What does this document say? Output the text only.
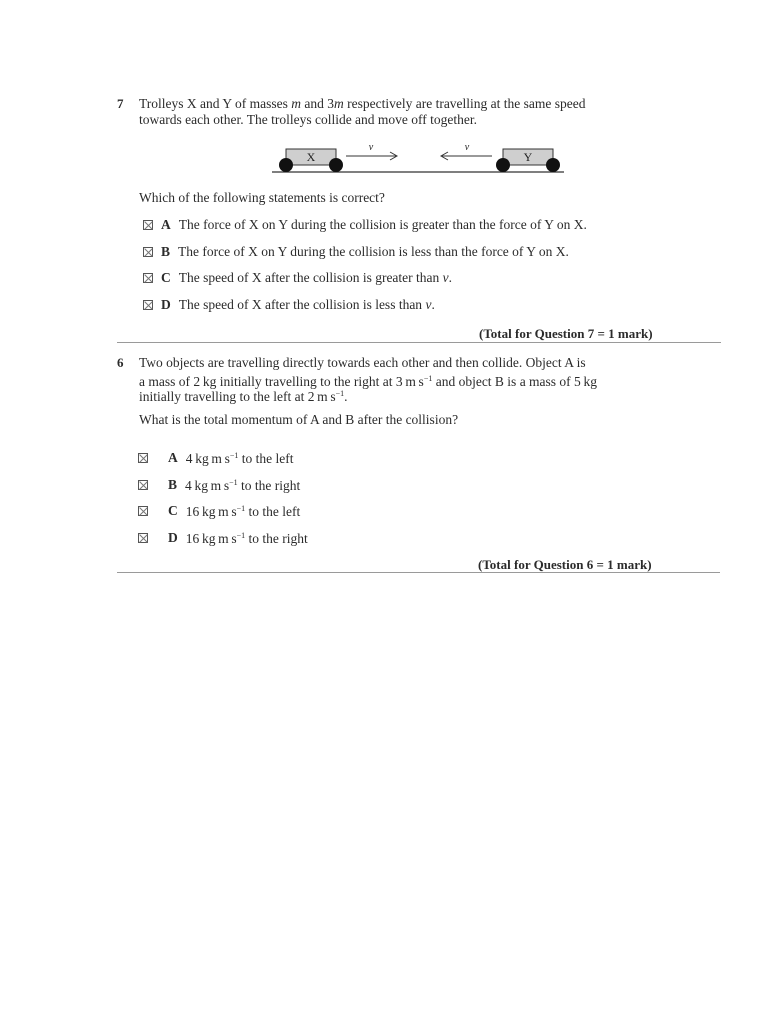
7 Trolleys X and Y of masses m and 3m respectively are travelling at the same speed
towards each other. The trolleys collide and move off together.
X	Y
v	v
Which of the following statements is correct?
A The force of X on Y during the collision is greater than the force of Y on X.
B The force of X on Y during the collision is less than the force of Y on X.
C The speed of X after the collision is greater than v.
D The speed of X after the collision is less than v.
(Total for Question 7 = 1 mark)
6 Two objects are travelling directly towards each other and then collide. Object A is
a mass of 2 kg initially travelling to the right at 3 m $s^{-1}$ and object B is a mass of 5 kg
initially travelling to the left at 2 m $s^{-1}$.
What is the total momentum of A and B after the collision?
A 4 kg m $s^{-1}$ to the left
B 4 kg m $s^{-1}$ to the right
C 16 kg m $s^{-1}$ to the left
D 16 kg m $s^{-1}$ to the right
(Total for Question 6 = 1 mark)
